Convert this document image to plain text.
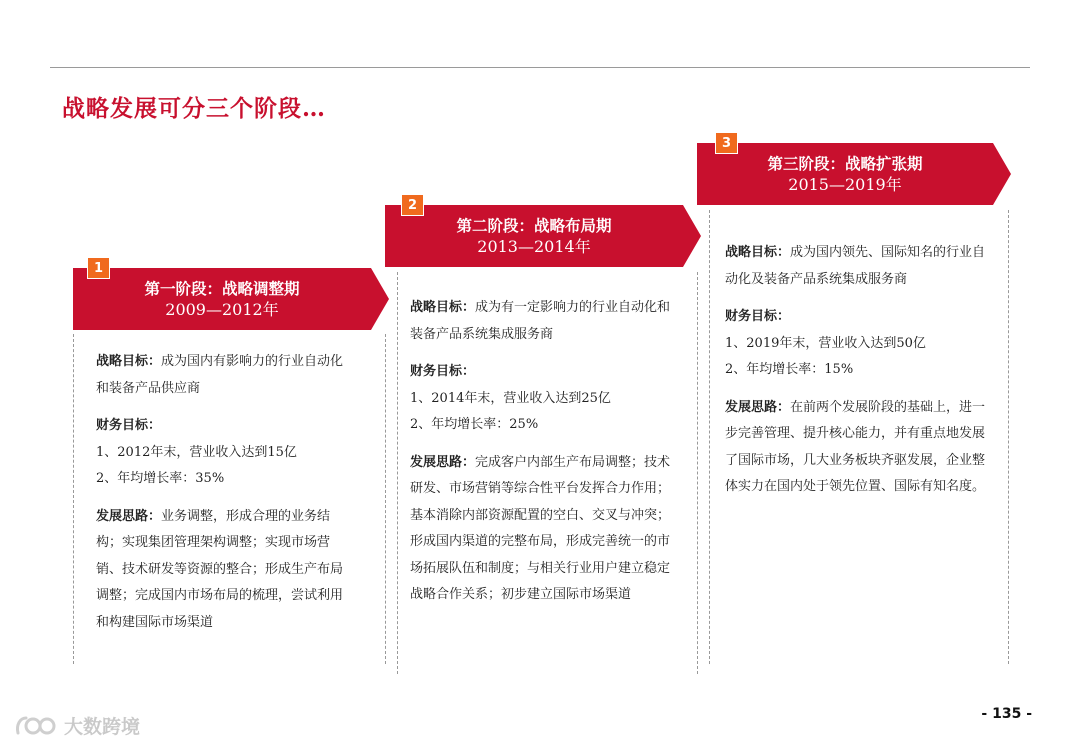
战略发展可分三个阶段…
第一阶段：战略调整期
2009—2012年
1
第二阶段：战略布局期
2013—2014年
2
第三阶段：战略扩张期
2015—2019年
3

战略目标：成为国内有影响力的行业自动化和装备产品供应商

财务目标：

1、2012年末，营业收入达到15亿

2、年均增长率：35%

发展思路：业务调整，形成合理的业务结构；实现集团管理架构调整；实现市场营销、技术研发等资源的整合；形成生产布局调整；完成国内市场布局的梳理，尝试利用和构建国际市场渠道

战略目标：成为有一定影响力的行业自动化和装备产品系统集成服务商

财务目标：

1、2014年末，营业收入达到25亿

2、年均增长率：25%

发展思路：完成客户内部生产布局调整；技术研发、市场营销等综合性平台发挥合力作用；基本消除内部资源配置的空白、交叉与冲突；形成国内渠道的完整布局，形成完善统一的市场拓展队伍和制度；与相关行业用户建立稳定战略合作关系；初步建立国际市场渠道

战略目标：成为国内领先、国际知名的行业自动化及装备产品系统集成服务商

财务目标：

1、2019年末，营业收入达到50亿

2、年均增长率：15%

发展思路：在前两个发展阶段的基础上，进一步完善管理、提升核心能力，并有重点地发展了国际市场，几大业务板块齐驱发展，企业整体实力在国内处于领先位置、国际有知名度。

大数跨境
- 135 -
